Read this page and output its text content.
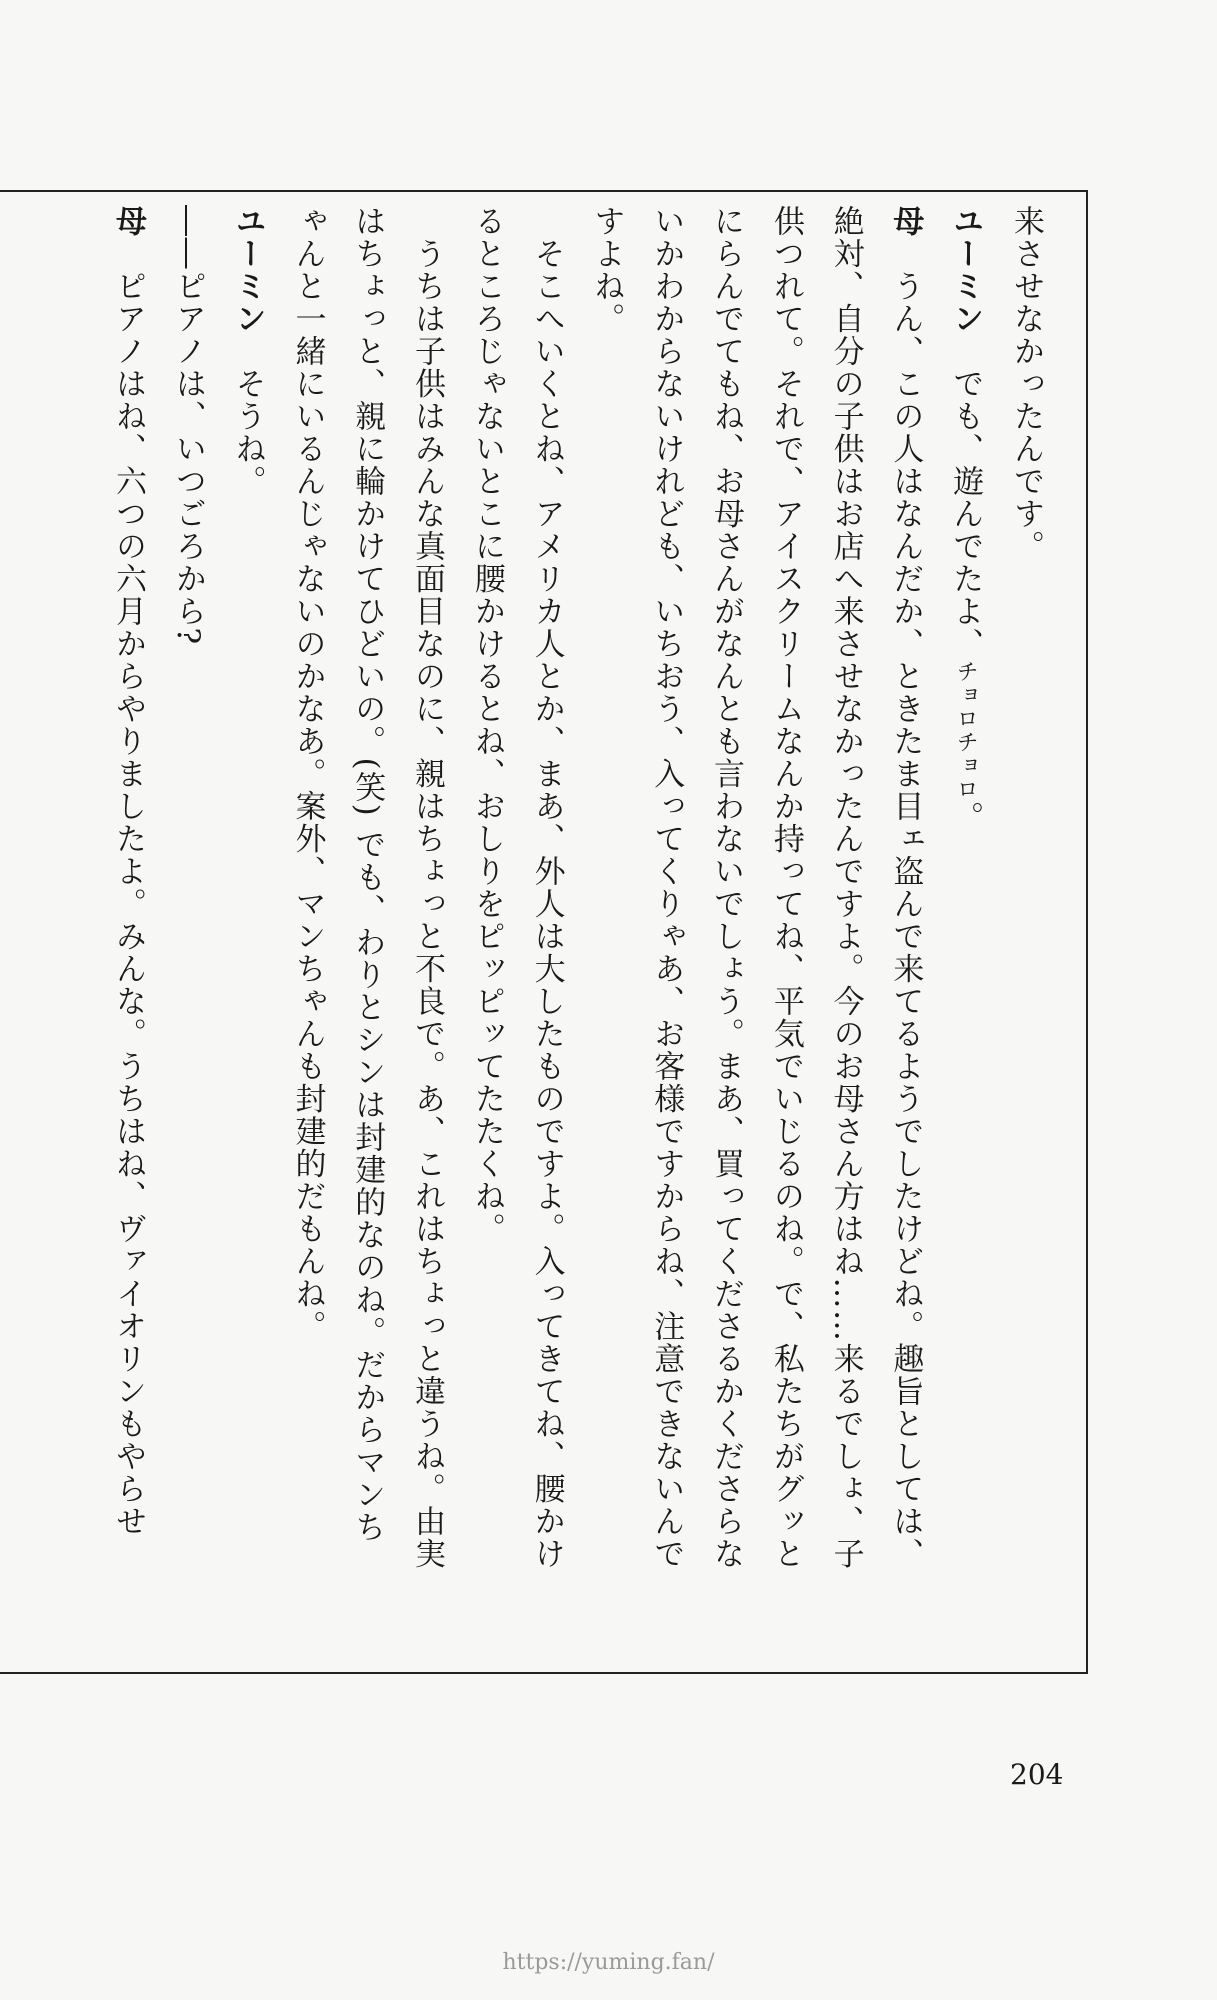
来させなかったんです。

ユーミン　でも、遊んでたよ、チョロチョロ。

母　うん、この人はなんだか、ときたま目ェ盗んで来てるようでしたけどね。趣旨としては、

絶対、自分の子供はお店へ来させなかったんですよ。今のお母さん方はね……来るでしょ、子

供つれて。それで、アイスクリームなんか持ってね、平気でいじるのね。で、私たちがグッと

にらんでてもね、お母さんがなんとも言わないでしょう。まあ、買ってくださるかくださらな

いかわからないけれども、いちおう、入ってくりゃあ、お客様ですからね、注意できないんで

すよね。

　そこへいくとね、アメリカ人とか、まあ、外人は大したものですよ。入ってきてね、腰かけ

るところじゃないとこに腰かけるとね、おしりをピッピッてたたくね。

　うちは子供はみんな真面目なのに、親はちょっと不良で。あ、これはちょっと違うね。由実

はちょっと、親に輪かけてひどいの。(笑) でも、わりとシンは封建的なのね。だからマンち

ゃんと一緒にいるんじゃないのかなあ。案外、マンちゃんも封建的だもんね。

ユーミン　そうね。

――ピアノは、いつごろから?

母　ピアノはね、六つの六月からやりましたよ。みんな。うちはね、ヴァイオリンもやらせ

204
https://yuming.fan/
